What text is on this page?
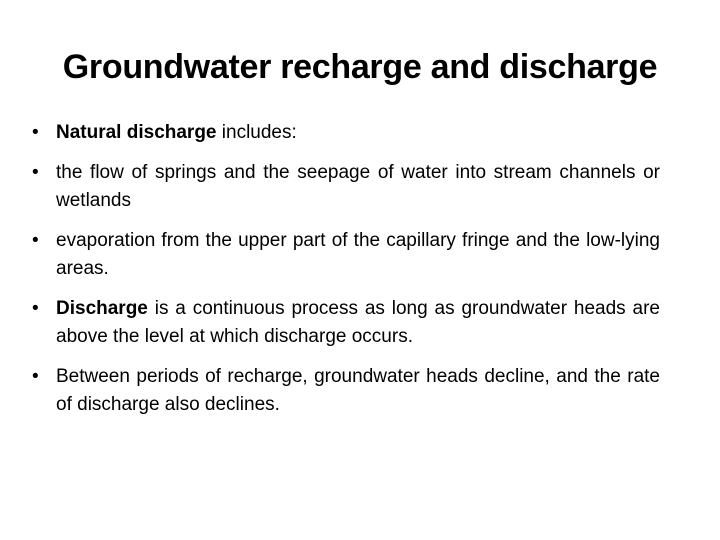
Groundwater recharge and discharge
• Natural discharge includes:
• the flow of springs and the seepage of water into stream channels or wetlands
• evaporation from the upper part of the capillary fringe and the low-lying areas.
• Discharge is a continuous process as long as groundwater heads are above the level at which discharge occurs.
• Between periods of recharge, groundwater heads decline, and the rate of discharge also declines.
